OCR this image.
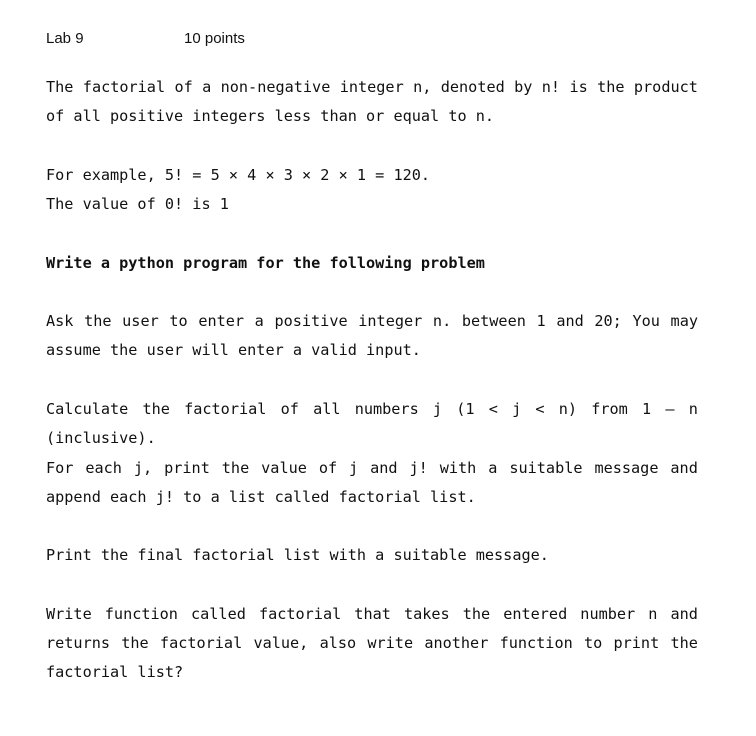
Lab 9	10 points
The factorial of a non-negative integer n, denoted by n! is the product
of all positive integers less than or equal to n.
For example, 5! = 5 × 4 × 3 × 2 × 1 = 120.
The value of 0! is 1
Write a python program for the following problem
Ask the user to enter a positive integer n. between 1 and 20; You may
assume the user will enter a valid input.
Calculate the factorial of all numbers j (1 < j < n) from 1 – n
(inclusive).
For each j, print the value of j and j! with a suitable message and
append each j! to a list called factorial list.
Print the final factorial list with a suitable message.
Write function called factorial that takes the entered number n and
returns the factorial value, also write another function to print the
factorial list?
